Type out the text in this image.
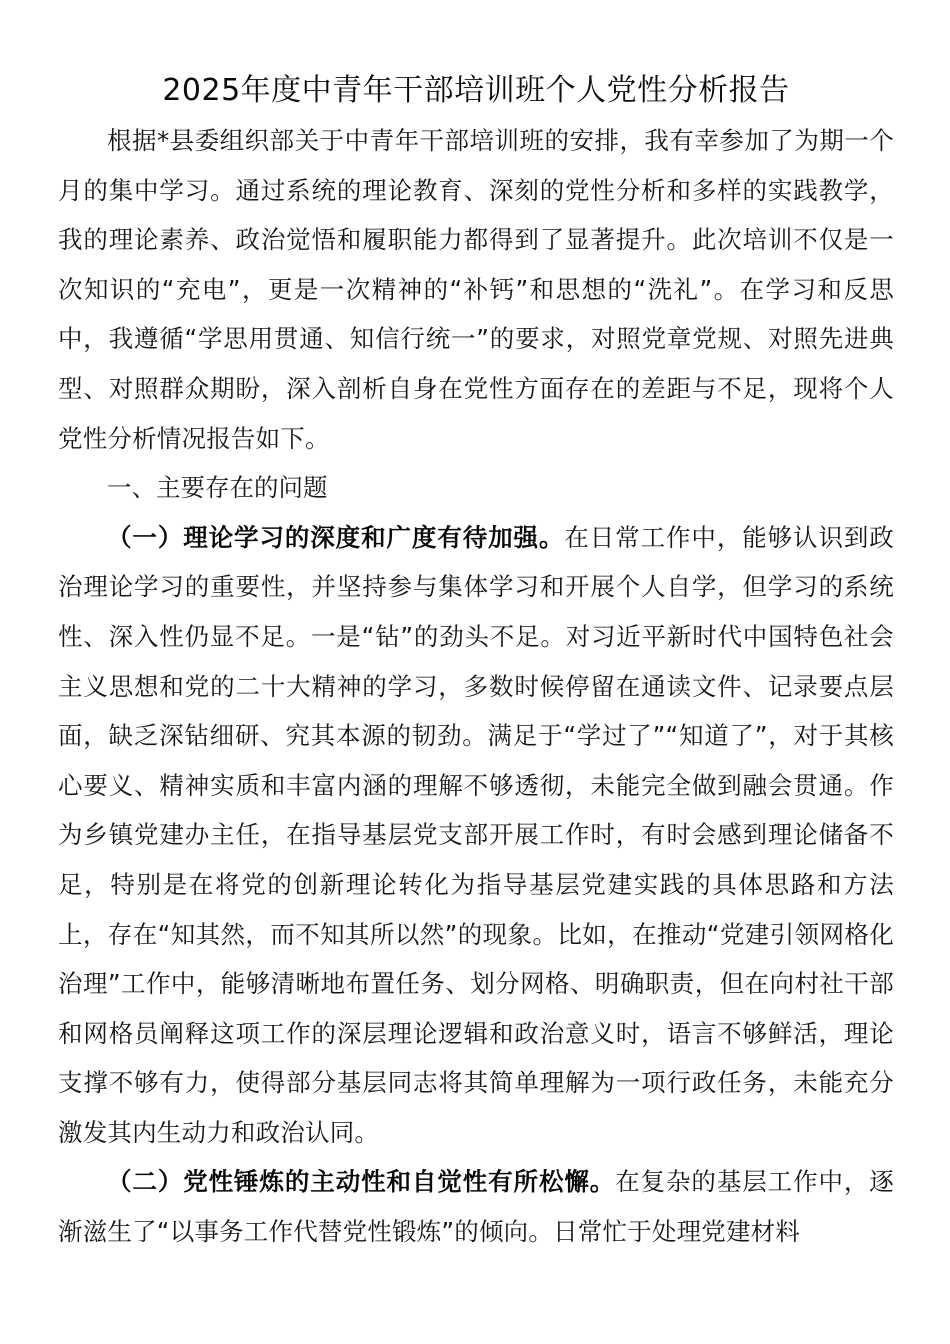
2025年度中青年干部培训班个人党性分析报告

根据*县委组织部关于中青年干部培训班的安排，我有幸参加了为期一个月的集中学习。通过系统的理论教育、深刻的党性分析和多样的实践教学，我的理论素养、政治觉悟和履职能力都得到了显著提升。此次培训不仅是一次知识的“充电”，更是一次精神的“补钙”和思想的“洗礼”。在学习和反思中，我遵循“学思用贯通、知信行统一”的要求，对照党章党规、对照先进典型、对照群众期盼，深入剖析自身在党性方面存在的差距与不足，现将个人党性分析情况报告如下。

一、主要存在的问题

（一）理论学习的深度和广度有待加强。在日常工作中，能够认识到政治理论学习的重要性，并坚持参与集体学习和开展个人自学，但学习的系统性、深入性仍显不足。一是“钻”的劲头不足。对习近平新时代中国特色社会主义思想和党的二十大精神的学习，多数时候停留在通读文件、记录要点层面，缺乏深钻细研、究其本源的韧劲。满足于“学过了”“知道了”，对于其核心要义、精神实质和丰富内涵的理解不够透彻，未能完全做到融会贯通。作为乡镇党建办主任，在指导基层党支部开展工作时，有时会感到理论储备不足，特别是在将党的创新理论转化为指导基层党建实践的具体思路和方法上，存在“知其然，而不知其所以然”的现象。比如，在推动“党建引领网格化治理”工作中，能够清晰地布置任务、划分网格、明确职责，但在向村社干部和网格员阐释这项工作的深层理论逻辑和政治意义时，语言不够鲜活，理论支撑不够有力，使得部分基层同志将其简单理解为一项行政任务，未能充分激发其内生动力和政治认同。

（二）党性锤炼的主动性和自觉性有所松懈。在复杂的基层工作中，逐渐滋生了“以事务工作代替党性锻炼”的倾向。日常忙于处理党建材料
